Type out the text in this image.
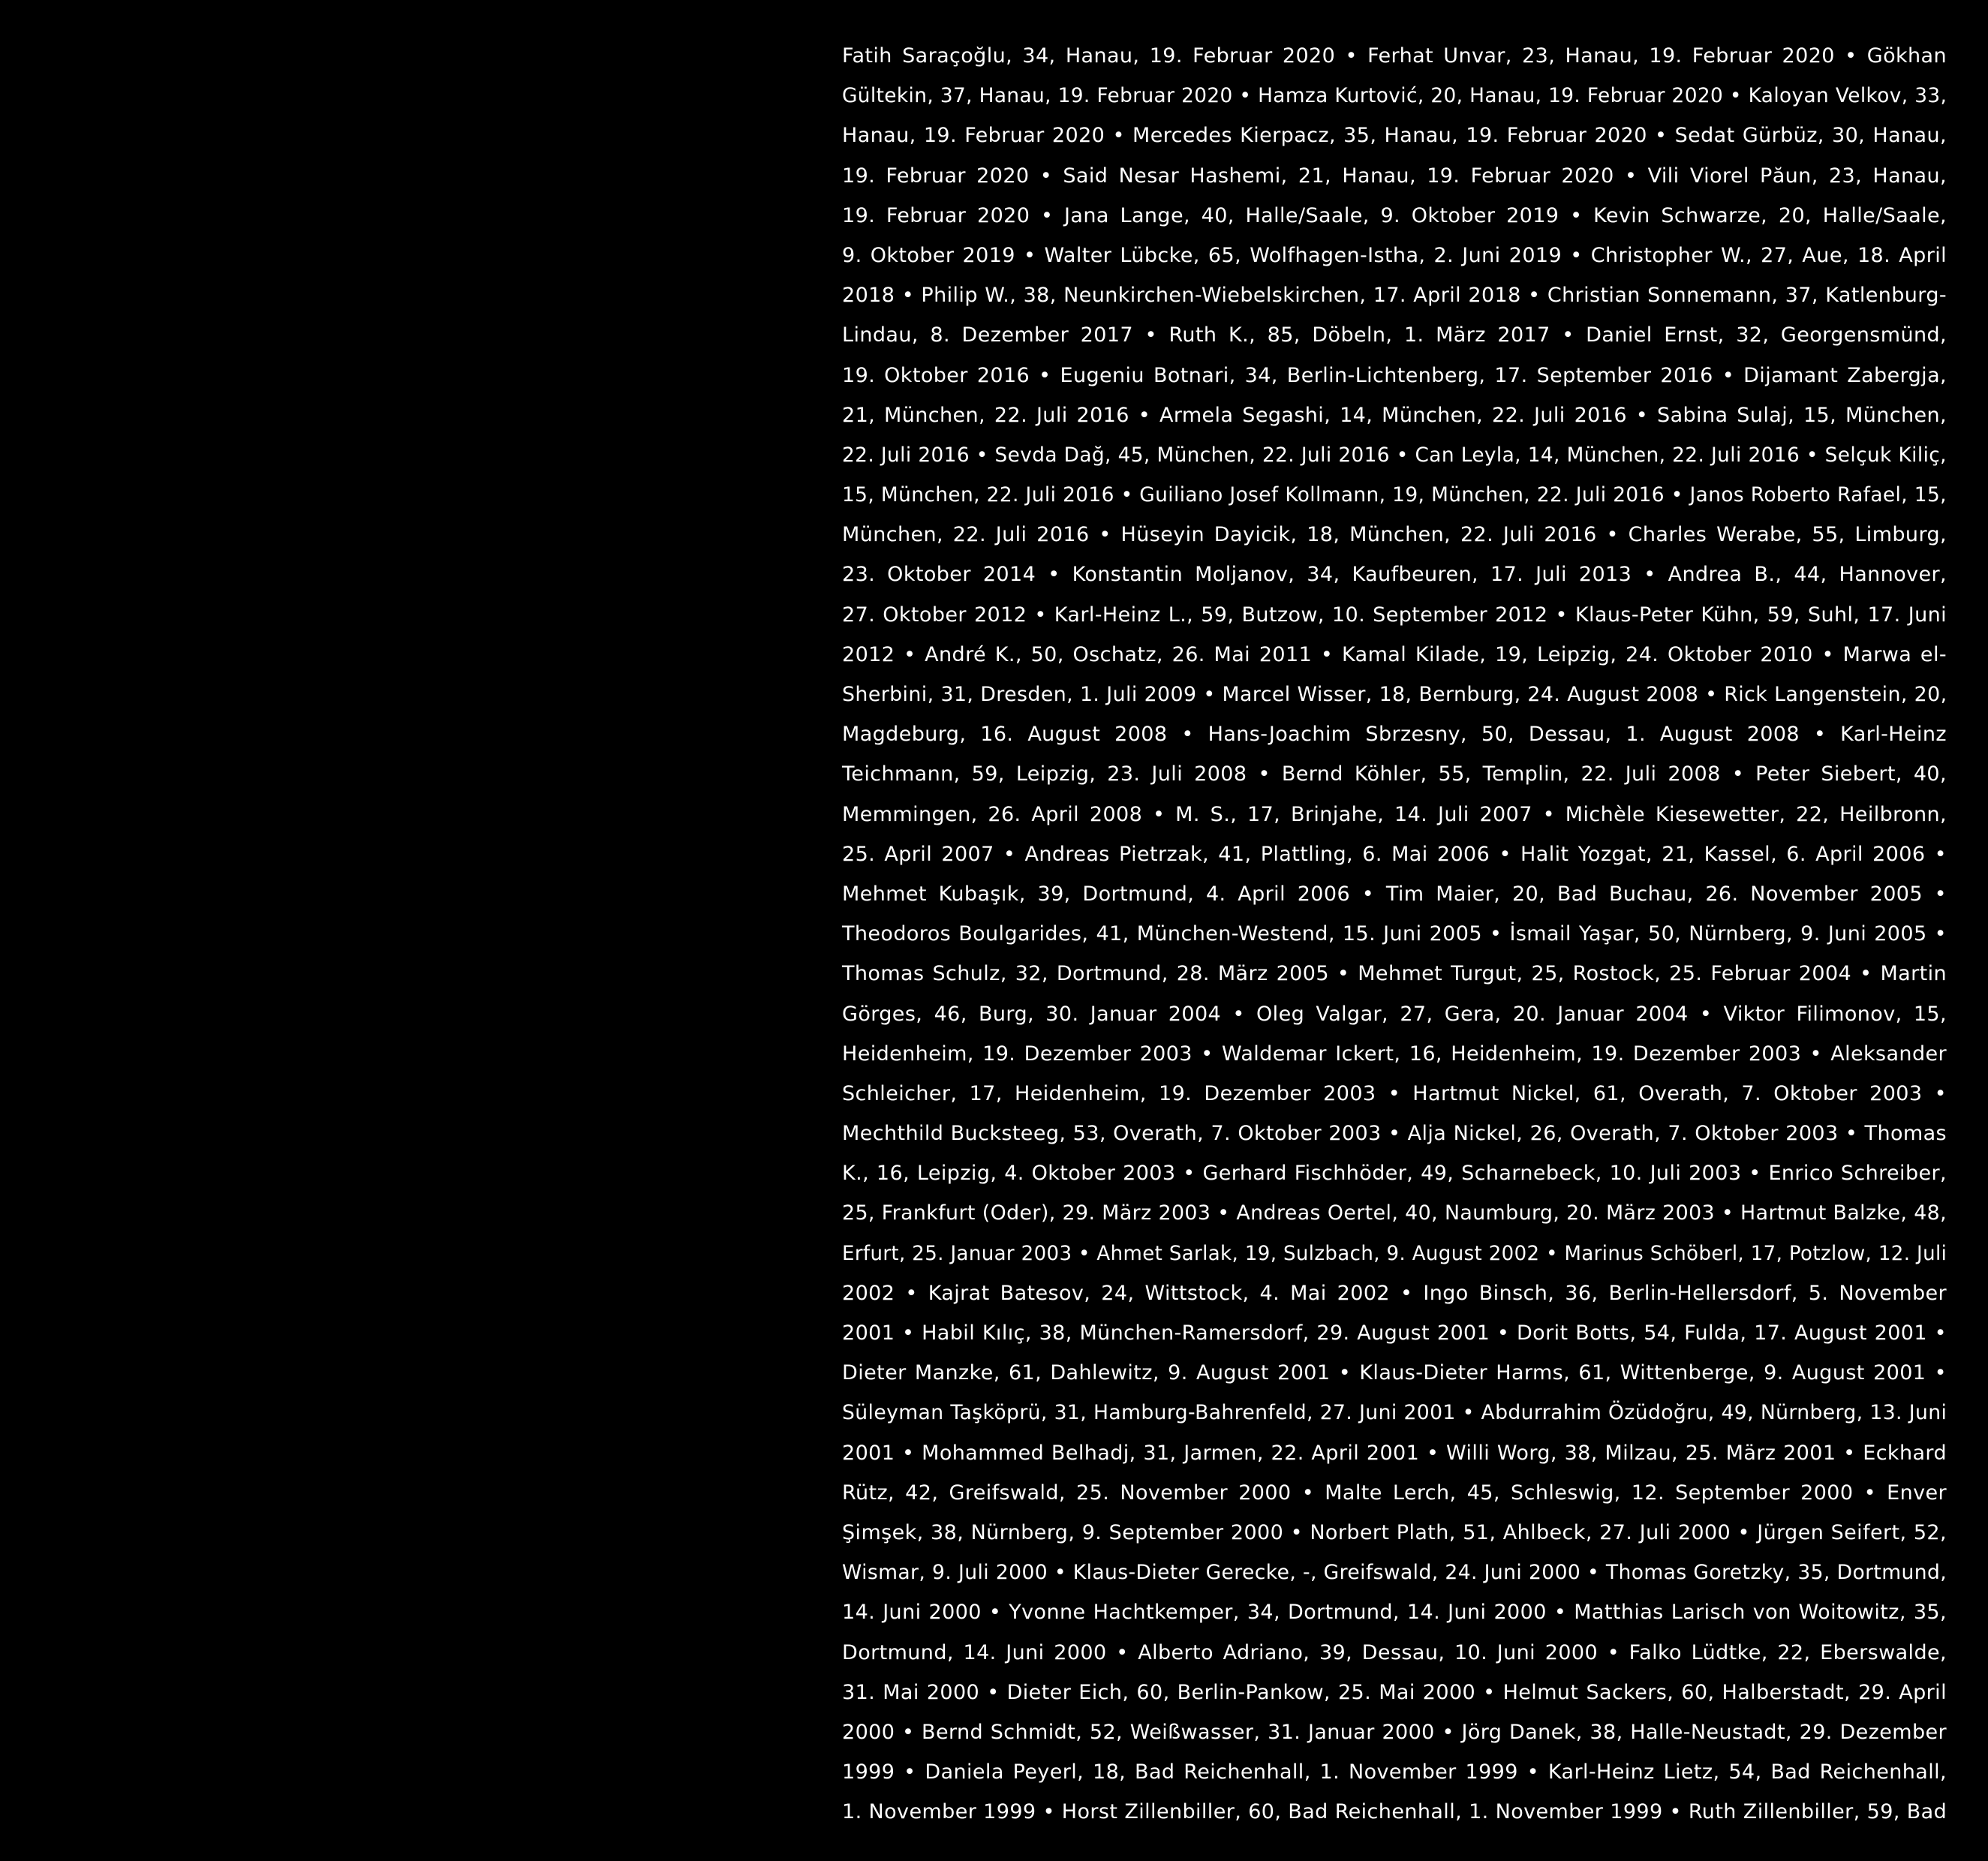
Fatih Saraçoğlu, 34, Hanau, 19. Februar 2020 • Ferhat Unvar, 23, Hanau, 19. Februar 2020 • Gökhan
Gültekin, 37, Hanau, 19. Februar 2020 • Hamza Kurtović, 20, Hanau, 19. Februar 2020 • Kaloyan Velkov, 33,
Hanau, 19. Februar 2020 • Mercedes Kierpacz, 35, Hanau, 19. Februar 2020 • Sedat Gürbüz, 30, Hanau,
19. Februar 2020 • Said Nesar Hashemi, 21, Hanau, 19. Februar 2020 • Vili Viorel Păun, 23, Hanau,
19. Februar 2020 • Jana Lange, 40, Halle/Saale, 9. Oktober 2019 • Kevin Schwarze, 20, Halle/Saale,
9. Oktober 2019 • Walter Lübcke, 65, Wolfhagen-Istha, 2. Juni 2019 • Christopher W., 27, Aue, 18. April
2018 • Philip W., 38, Neunkirchen-Wiebelskirchen, 17. April 2018 • Christian Sonnemann, 37, Katlenburg-
Lindau, 8. Dezember 2017 • Ruth K., 85, Döbeln, 1. März 2017 • Daniel Ernst, 32, Georgensmünd,
19. Oktober 2016 • Eugeniu Botnari, 34, Berlin-Lichtenberg, 17. September 2016 • Dijamant Zabergja,
21, München, 22. Juli 2016 • Armela Segashi, 14, München, 22. Juli 2016 • Sabina Sulaj, 15, München,
22. Juli 2016 • Sevda Dağ, 45, München, 22. Juli 2016 • Can Leyla, 14, München, 22. Juli 2016 • Selçuk Kiliç,
15, München, 22. Juli 2016 • Guiliano Josef Kollmann, 19, München, 22. Juli 2016 • Janos Roberto Rafael, 15,
München, 22. Juli 2016 • Hüseyin Dayicik, 18, München, 22. Juli 2016 • Charles Werabe, 55, Limburg,
23. Oktober 2014 • Konstantin Moljanov, 34, Kaufbeuren, 17. Juli 2013 • Andrea B., 44, Hannover,
27. Oktober 2012 • Karl-Heinz L., 59, Butzow, 10. September 2012 • Klaus-Peter Kühn, 59, Suhl, 17. Juni
2012 • André K., 50, Oschatz, 26. Mai 2011 • Kamal Kilade, 19, Leipzig, 24. Oktober 2010 • Marwa el-
Sherbini, 31, Dresden, 1. Juli 2009 • Marcel Wisser, 18, Bernburg, 24. August 2008 • Rick Langenstein, 20,
Magdeburg, 16. August 2008 • Hans-Joachim Sbrzesny, 50, Dessau, 1. August 2008 • Karl-Heinz
Teichmann, 59, Leipzig, 23. Juli 2008 • Bernd Köhler, 55, Templin, 22. Juli 2008 • Peter Siebert, 40,
Memmingen, 26. April 2008 • M. S., 17, Brinjahe, 14. Juli 2007 • Michèle Kiesewetter, 22, Heilbronn,
25. April 2007 • Andreas Pietrzak, 41, Plattling, 6. Mai 2006 • Halit Yozgat, 21, Kassel, 6. April 2006 •
Mehmet Kubaşık, 39, Dortmund, 4. April 2006 • Tim Maier, 20, Bad Buchau, 26. November 2005 •
Theodoros Boulgarides, 41, München-Westend, 15. Juni 2005 • İsmail Yaşar, 50, Nürnberg, 9. Juni 2005 •
Thomas Schulz, 32, Dortmund, 28. März 2005 • Mehmet Turgut, 25, Rostock, 25. Februar 2004 • Martin
Görges, 46, Burg, 30. Januar 2004 • Oleg Valgar, 27, Gera, 20. Januar 2004 • Viktor Filimonov, 15,
Heidenheim, 19. Dezember 2003 • Waldemar Ickert, 16, Heidenheim, 19. Dezember 2003 • Aleksander
Schleicher, 17, Heidenheim, 19. Dezember 2003 • Hartmut Nickel, 61, Overath, 7. Oktober 2003 •
Mechthild Bucksteeg, 53, Overath, 7. Oktober 2003 • Alja Nickel, 26, Overath, 7. Oktober 2003 • Thomas
K., 16, Leipzig, 4. Oktober 2003 • Gerhard Fischhöder, 49, Scharnebeck, 10. Juli 2003 • Enrico Schreiber,
25, Frankfurt (Oder), 29. März 2003 • Andreas Oertel, 40, Naumburg, 20. März 2003 • Hartmut Balzke, 48,
Erfurt, 25. Januar 2003 • Ahmet Sarlak, 19, Sulzbach, 9. August 2002 • Marinus Schöberl, 17, Potzlow, 12. Juli
2002 • Kajrat Batesov, 24, Wittstock, 4. Mai 2002 • Ingo Binsch, 36, Berlin-Hellersdorf, 5. November
2001 • Habil Kılıç, 38, München-Ramersdorf, 29. August 2001 • Dorit Botts, 54, Fulda, 17. August 2001 •
Dieter Manzke, 61, Dahlewitz, 9. August 2001 • Klaus-Dieter Harms, 61, Wittenberge, 9. August 2001 •
Süleyman Taşköprü, 31, Hamburg-Bahrenfeld, 27. Juni 2001 • Abdurrahim Özüdoğru, 49, Nürnberg, 13. Juni
2001 • Mohammed Belhadj, 31, Jarmen, 22. April 2001 • Willi Worg, 38, Milzau, 25. März 2001 • Eckhard
Rütz, 42, Greifswald, 25. November 2000 • Malte Lerch, 45, Schleswig, 12. September 2000 • Enver
Şimşek, 38, Nürnberg, 9. September 2000 • Norbert Plath, 51, Ahlbeck, 27. Juli 2000 • Jürgen Seifert, 52,
Wismar, 9. Juli 2000 • Klaus-Dieter Gerecke, -, Greifswald, 24. Juni 2000 • Thomas Goretzky, 35, Dortmund,
14. Juni 2000 • Yvonne Hachtkemper, 34, Dortmund, 14. Juni 2000 • Matthias Larisch von Woitowitz, 35,
Dortmund, 14. Juni 2000 • Alberto Adriano, 39, Dessau, 10. Juni 2000 • Falko Lüdtke, 22, Eberswalde,
31. Mai 2000 • Dieter Eich, 60, Berlin-Pankow, 25. Mai 2000 • Helmut Sackers, 60, Halberstadt, 29. April
2000 • Bernd Schmidt, 52, Weißwasser, 31. Januar 2000 • Jörg Danek, 38, Halle-Neustadt, 29. Dezember
1999 • Daniela Peyerl, 18, Bad Reichenhall, 1. November 1999 • Karl-Heinz Lietz, 54, Bad Reichenhall,
1. November 1999 • Horst Zillenbiller, 60, Bad Reichenhall, 1. November 1999 • Ruth Zillenbiller, 59, Bad
